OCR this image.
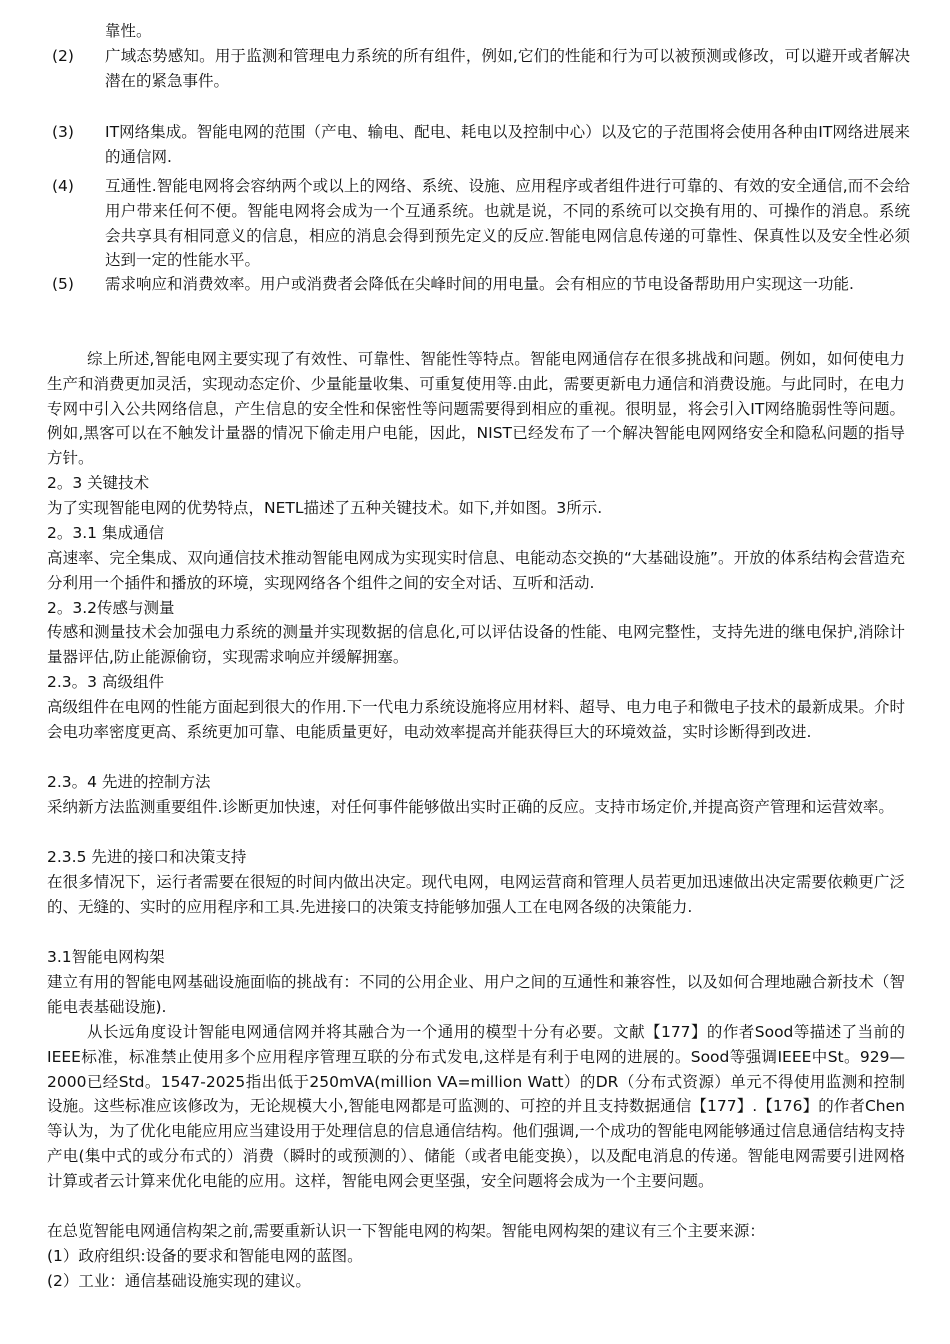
靠性。
(2)	广域态势感知。用于监测和管理电力系统的所有组件，例如,它们的性能和行为可以被预测或修改，可以避开或者解决潜在的紧急事件。
(3)	IT网络集成。智能电网的范围（产电、输电、配电、耗电以及控制中心）以及它的子范围将会使用各种由IT网络进展来的通信网.
(4)	互通性.智能电网将会容纳两个或以上的网络、系统、设施、应用程序或者组件进行可靠的、有效的安全通信,而不会给用户带来任何不便。智能电网将会成为一个互通系统。也就是说，不同的系统可以交换有用的、可操作的消息。系统会共享具有相同意义的信息，相应的消息会得到预先定义的反应.智能电网信息传递的可靠性、保真性以及安全性必须达到一定的性能水平。
(5)	需求响应和消费效率。用户或消费者会降低在尖峰时间的用电量。会有相应的节电设备帮助用户实现这一功能.
综上所述,智能电网主要实现了有效性、可靠性、智能性等特点。智能电网通信存在很多挑战和问题。例如，如何使电力生产和消费更加灵活，实现动态定价、少量能量收集、可重复使用等.由此，需要更新电力通信和消费设施。与此同时，在电力专网中引入公共网络信息，产生信息的安全性和保密性等问题需要得到相应的重视。很明显，将会引入IT网络脆弱性等问题。例如,黑客可以在不触发计量器的情况下偷走用户电能，因此，NIST已经发布了一个解决智能电网网络安全和隐私问题的指导方针。
2。3 关键技术
为了实现智能电网的优势特点，NETL描述了五种关键技术。如下,并如图。3所示.
2。3.1 集成通信
高速率、完全集成、双向通信技术推动智能电网成为实现实时信息、电能动态交换的“大基础设施”。开放的体系结构会营造充分利用一个插件和播放的环境，实现网络各个组件之间的安全对话、互听和活动.
2。3.2传感与测量
传感和测量技术会加强电力系统的测量并实现数据的信息化,可以评估设备的性能、电网完整性，支持先进的继电保护,消除计量器评估,防止能源偷窃，实现需求响应并缓解拥塞。
2.3。3 高级组件
高级组件在电网的性能方面起到很大的作用.下一代电力系统设施将应用材料、超导、电力电子和微电子技术的最新成果。介时会电功率密度更高、系统更加可靠、电能质量更好，电动效率提高并能获得巨大的环境效益，实时诊断得到改进.
2.3。4 先进的控制方法
采纳新方法监测重要组件.诊断更加快速，对任何事件能够做出实时正确的反应。支持市场定价,并提高资产管理和运营效率。
2.3.5 先进的接口和决策支持
在很多情况下，运行者需要在很短的时间内做出决定。现代电网，电网运营商和管理人员若更加迅速做出决定需要依赖更广泛的、无缝的、实时的应用程序和工具.先进接口的决策支持能够加强人工在电网各级的决策能力.
3.1智能电网构架
建立有用的智能电网基础设施面临的挑战有：不同的公用企业、用户之间的互通性和兼容性，以及如何合理地融合新技术（智能电表基础设施).
从长远角度设计智能电网通信网并将其融合为一个通用的模型十分有必要。文献【177】的作者Sood等描述了当前的IEEE标准，标准禁止使用多个应用程序管理互联的分布式发电,这样是有利于电网的进展的。Sood等强调IEEE中St。929—2000已经Std。1547-2025指出低于250mVA(million VA=million Watt）的DR（分布式资源）单元不得使用监测和控制设施。这些标准应该修改为，无论规模大小,智能电网都是可监测的、可控的并且支持数据通信【177】.【176】的作者Chen等认为，为了优化电能应用应当建设用于处理信息的信息通信结构。他们强调,一个成功的智能电网能够通过信息通信结构支持产电(集中式的或分布式的）消费（瞬时的或预测的）、储能（或者电能变换），以及配电消息的传递。智能电网需要引进网格计算或者云计算来优化电能的应用。这样，智能电网会更坚强，安全问题将会成为一个主要问题。
在总览智能电网通信构架之前,需要重新认识一下智能电网的构架。智能电网构架的建议有三个主要来源：
(1）政府组织:设备的要求和智能电网的蓝图。
(2）工业：通信基础设施实现的建议。
